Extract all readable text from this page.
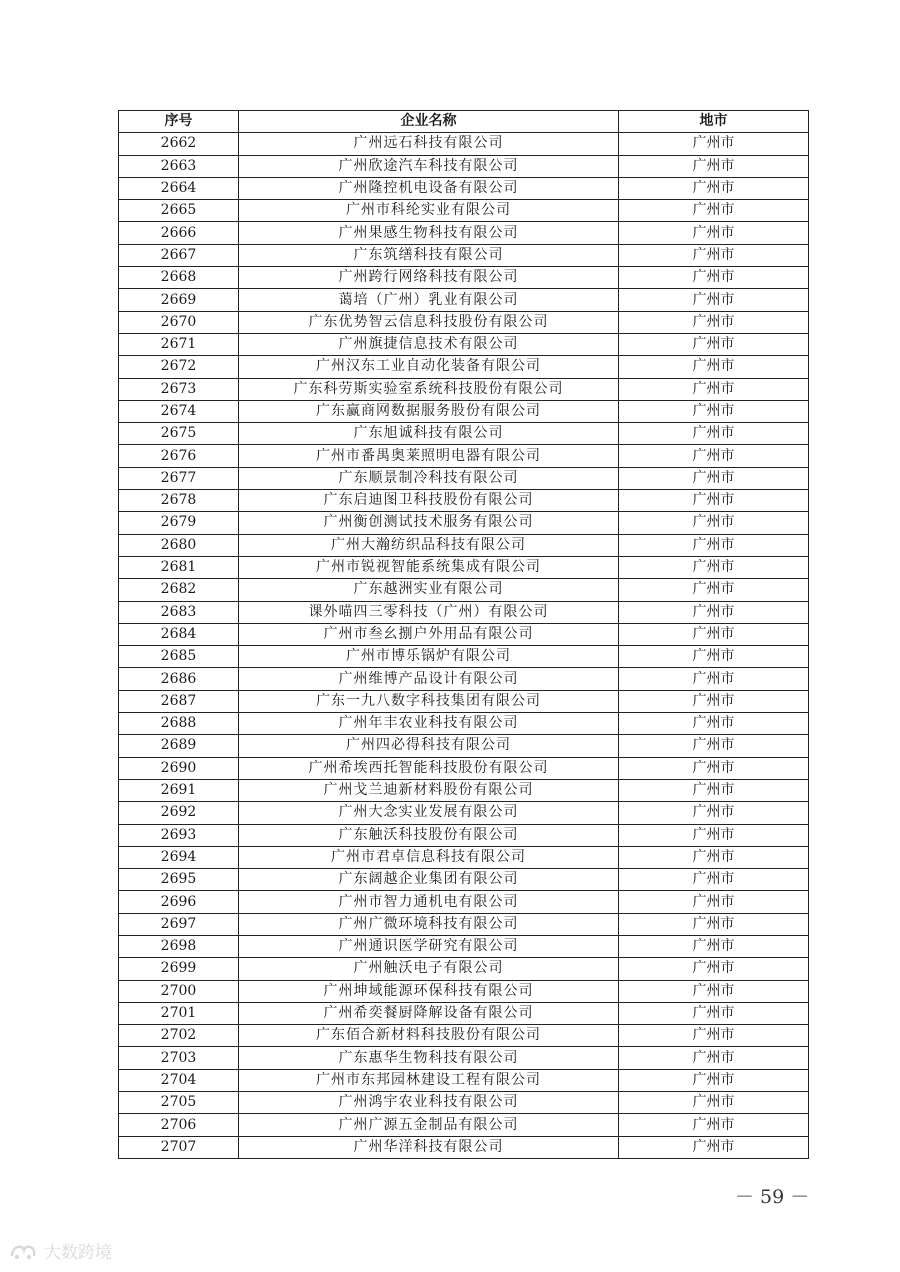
序号	企业名称	地市
2662	广州远石科技有限公司	广州市
2663	广州欣途汽车科技有限公司	广州市
2664	广州隆控机电设备有限公司	广州市
2665	广州市科纶实业有限公司	广州市
2666	广州果感生物科技有限公司	广州市
2667	广东筑缮科技有限公司	广州市
2668	广州跨行网络科技有限公司	广州市
2669	蔼培（广州）乳业有限公司	广州市
2670	广东优势智云信息科技股份有限公司	广州市
2671	广州旗捷信息技术有限公司	广州市
2672	广州汉东工业自动化装备有限公司	广州市
2673	广东科劳斯实验室系统科技股份有限公司	广州市
2674	广东赢商网数据服务股份有限公司	广州市
2675	广东旭诚科技有限公司	广州市
2676	广州市番禺奥莱照明电器有限公司	广州市
2677	广东顺景制冷科技有限公司	广州市
2678	广东启迪图卫科技股份有限公司	广州市
2679	广州衡创测试技术服务有限公司	广州市
2680	广州大瀚纺织品科技有限公司	广州市
2681	广州市锐视智能系统集成有限公司	广州市
2682	广东越洲实业有限公司	广州市
2683	课外喵四三零科技（广州）有限公司	广州市
2684	广州市叁幺捌户外用品有限公司	广州市
2685	广州市博乐锅炉有限公司	广州市
2686	广州维博产品设计有限公司	广州市
2687	广东一九八数字科技集团有限公司	广州市
2688	广州年丰农业科技有限公司	广州市
2689	广州四必得科技有限公司	广州市
2690	广州希埃西托智能科技股份有限公司	广州市
2691	广州戈兰迪新材料股份有限公司	广州市
2692	广州大念实业发展有限公司	广州市
2693	广东触沃科技股份有限公司	广州市
2694	广州市君卓信息科技有限公司	广州市
2695	广东阔越企业集团有限公司	广州市
2696	广州市智力通机电有限公司	广州市
2697	广州广微环境科技有限公司	广州市
2698	广州通识医学研究有限公司	广州市
2699	广州触沃电子有限公司	广州市
2700	广州坤域能源环保科技有限公司	广州市
2701	广州希奕餐厨降解设备有限公司	广州市
2702	广东佰合新材料科技股份有限公司	广州市
2703	广东惠华生物科技有限公司	广州市
2704	广州市东邦园林建设工程有限公司	广州市
2705	广州鸿宇农业科技有限公司	广州市
2706	广州广源五金制品有限公司	广州市
2707	广州华洋科技有限公司	广州市
－ 59 －
大数跨境
